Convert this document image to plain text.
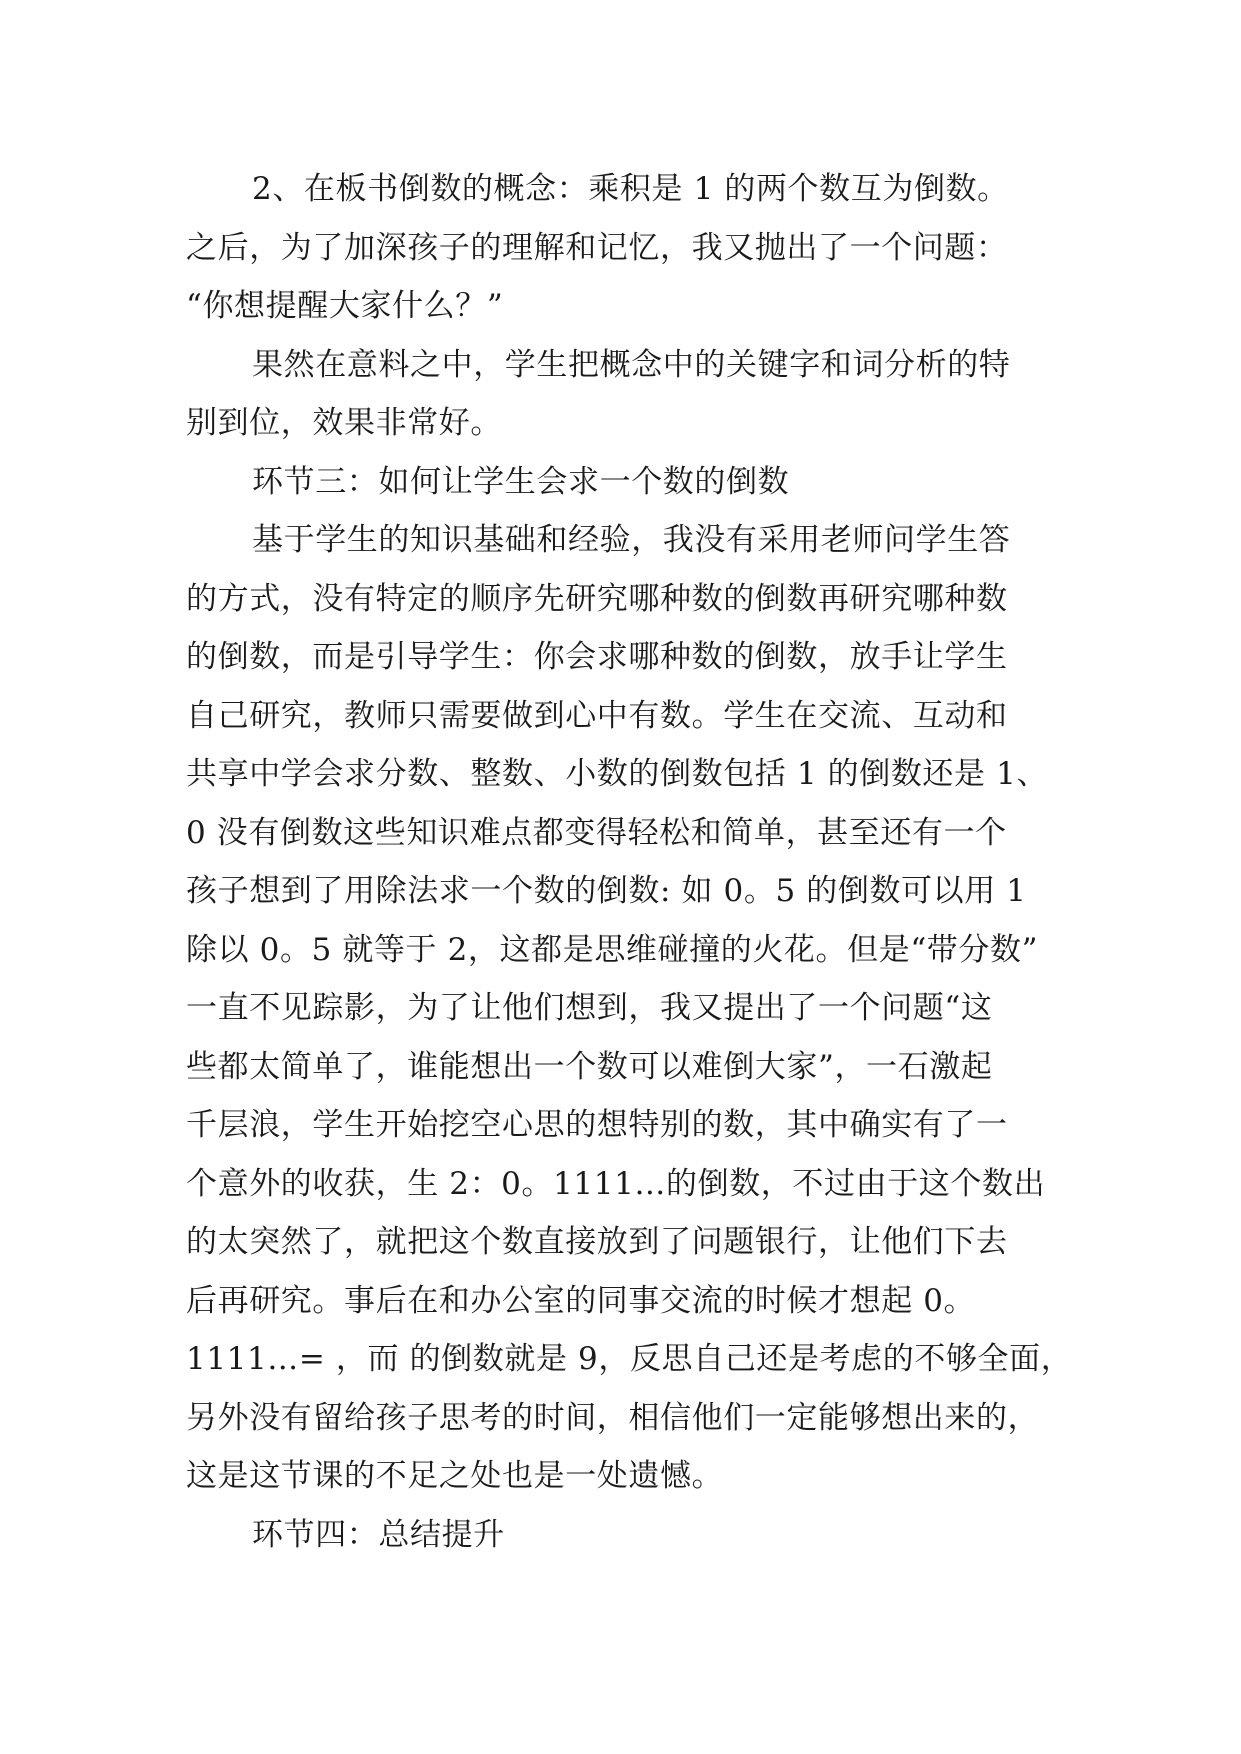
2、在板书倒数的概念：乘积是 1 的两个数互为倒数。
之后，为了加深孩子的理解和记忆，我又抛出了一个问题：
“你想提醒大家什么？”
果然在意料之中，学生把概念中的关键字和词分析的特
别到位，效果非常好。
环节三：如何让学生会求一个数的倒数
基于学生的知识基础和经验，我没有采用老师问学生答
的方式，没有特定的顺序先研究哪种数的倒数再研究哪种数
的倒数，而是引导学生：你会求哪种数的倒数，放手让学生
自己研究，教师只需要做到心中有数。学生在交流、互动和
共享中学会求分数、整数、小数的倒数包括 1 的倒数还是 1、
0 没有倒数这些知识难点都变得轻松和简单，甚至还有一个
孩子想到了用除法求一个数的倒数: 如 0。5 的倒数可以用 1
除以 0。5 就等于 2，这都是思维碰撞的火花。但是“带分数”
一直不见踪影，为了让他们想到，我又提出了一个问题“这
些都太简单了，谁能想出一个数可以难倒大家”，一石激起
千层浪，学生开始挖空心思的想特别的数，其中确实有了一
个意外的收获，生 2：0。1111…的倒数，不过由于这个数出
的太突然了，就把这个数直接放到了问题银行，让他们下去
后再研究。事后在和办公室的同事交流的时候才想起 0。
1111…= ，而 的倒数就是 9，反思自己还是考虑的不够全面，
另外没有留给孩子思考的时间，相信他们一定能够想出来的，
这是这节课的不足之处也是一处遗憾。
环节四：总结提升
